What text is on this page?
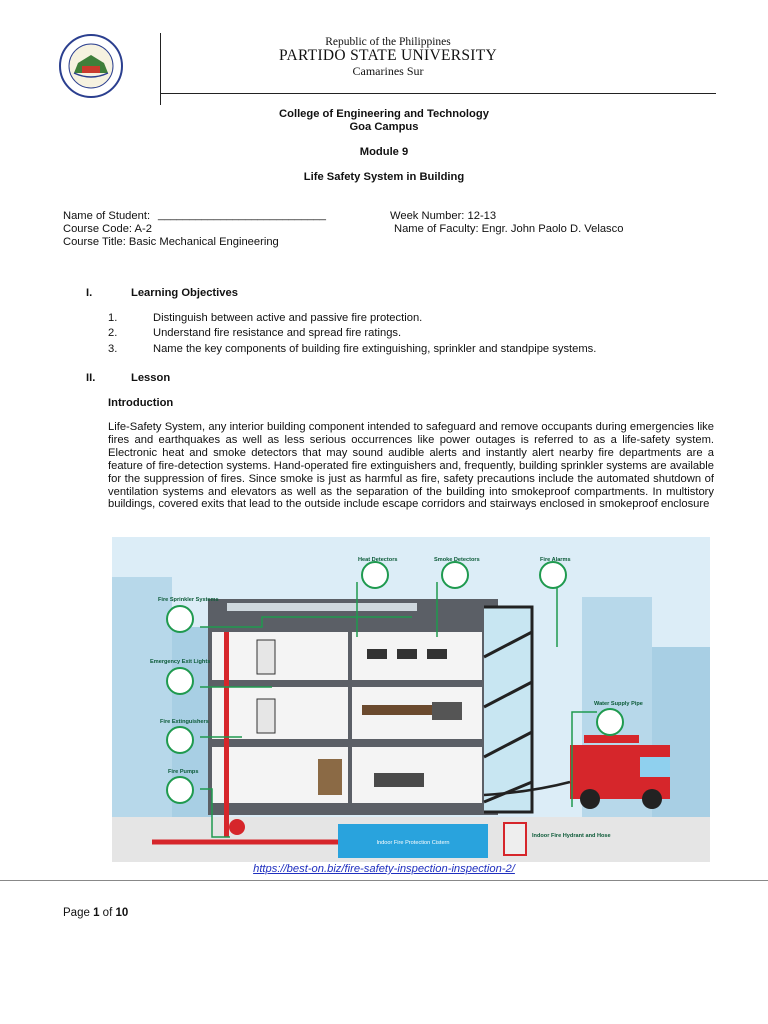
Republic of the Philippines
PARTIDO STATE UNIVERSITY
Camarines Sur
College of Engineering and Technology
Goa Campus
Module 9
Life Safety System in Building
Name of Student: ___________________________
Course Code: A-2
Course Title: Basic Mechanical Engineering
Week Number: 12-13
Name of Faculty: Engr. John Paolo D. Velasco
I.	Learning Objectives
1.	Distinguish between active and passive fire protection.
2.	Understand fire resistance and spread fire ratings.
3.	Name the key components of building fire extinguishing, sprinkler and standpipe systems.
II.	Lesson
Introduction
Life-Safety System, any interior building component intended to safeguard and remove occupants during emergencies like fires and earthquakes as well as less serious occurrences like power outages is referred to as a life-safety system. Electronic heat and smoke detectors that may sound audible alerts and instantly alert nearby fire departments are a feature of fire-detection systems. Hand-operated fire extinguishers and, frequently, building sprinkler systems are available for the suppression of fires. Since smoke is just as harmful as fire, safety precautions include the automated shutdown of ventilation systems and elevators as well as the separation of the building into smokeproof compartments. In multistory buildings, covered exits that lead to the outside include escape corridors and stairways enclosed in smokeproof enclosure
Indoor Fire Protection Cistern
Indoor Fire Hydrant and Hose
Heat Detectors	Smoke Detectors	Fire Alarms
Fire Sprinkler Systems
Emergency Exit Lights
Fire Extinguishers
Fire Pumps
Water Supply Pipe
https://best-on.biz/fire-safety-inspection-inspection-2/
Page 1 of 10
